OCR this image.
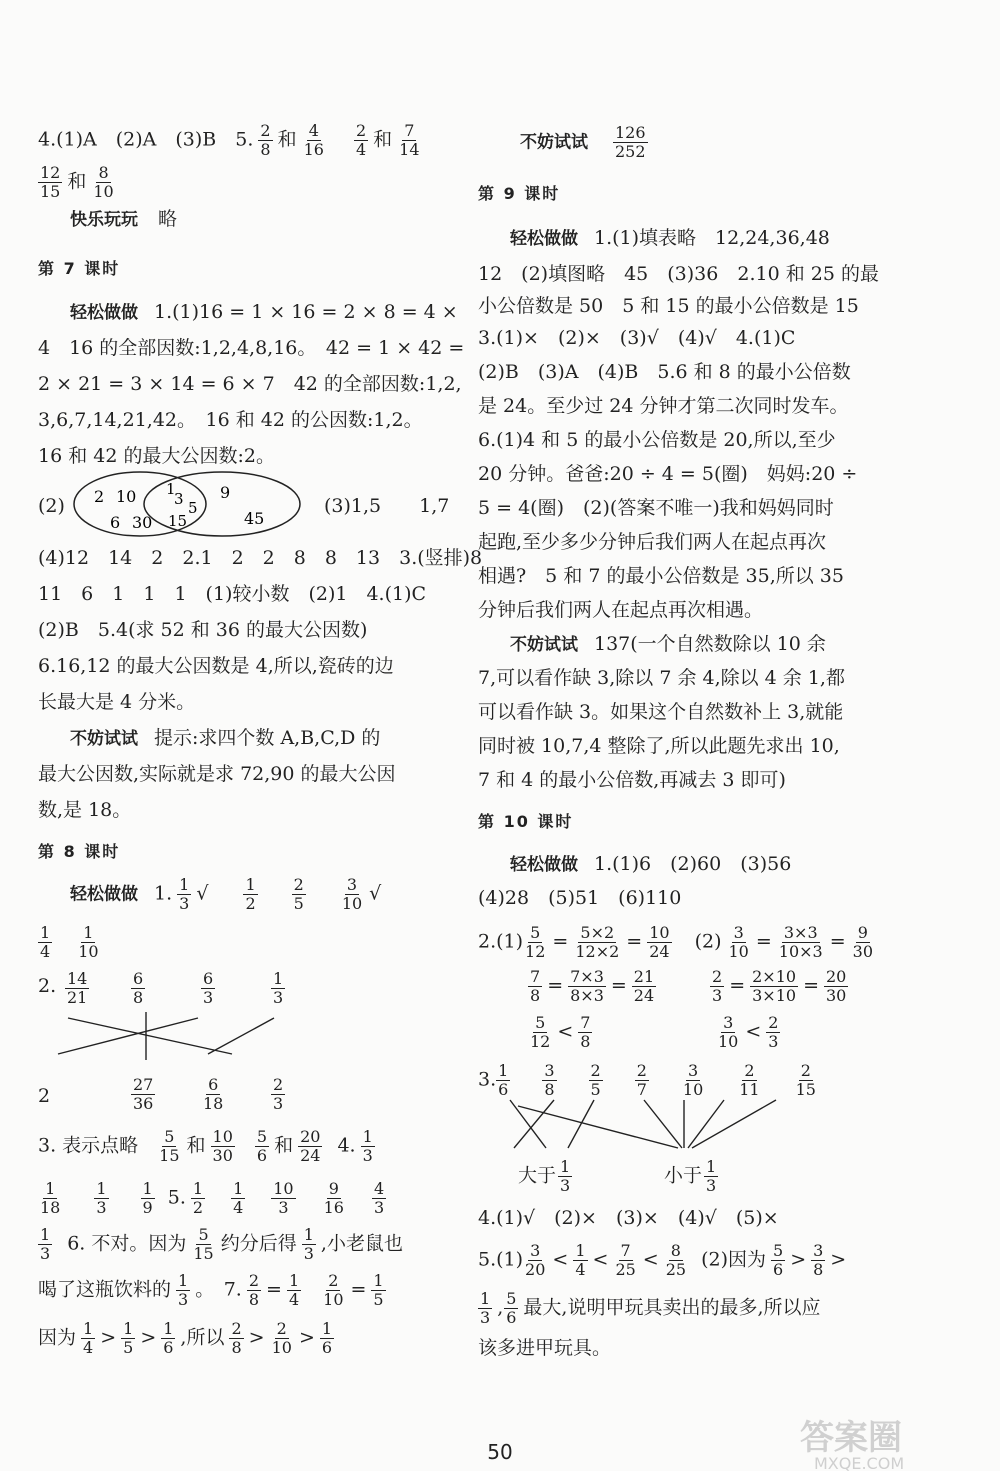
4.(1)A　(2)A　(3)B　5. $\frac{2}{8}$ 和 $\frac{4}{16} \frac{2}{4}$ 和 $\frac{7}{14}$
$\frac{12}{15}$ 和 $\frac{8}{10}$
快乐玩玩 略
第 7 课时
轻松做做 1.(1)16 = 1 × 16 = 2 × 8 = 4 ×
4　16 的全部因数:1,2,4,8,16。　42 = 1 × 42 =
2 × 21 = 3 × 14 = 6 × 7　42 的全部因数:1,2,
3,6,7,14,21,42。　16 和 42 的公因数:1,2。
16 和 42 的最大公因数:2。
(2) 2 10
6 30
1
3 5
15
9
45
(3)1,5　　1,7
(4)12　14　2　2.1　2　2　8　8　13　3.(竖排)8
11　6　1　1　1　(1)较小数　(2)1　4.(1)C
(2)B　5.4(求 52 和 36 的最大公因数)
6.16,12 的最大公因数是 4,所以,瓷砖的边
长最大是 4 分米。
不妨试试 提示:求四个数 A,B,C,D 的
最大公因数,实际就是求 72,90 的最大公因
数,是 18。
第 8 课时
轻松做做 1. $\frac{1}{3}$ √ $\frac{1}{2} \frac{2}{5} \frac{3}{10}$ √
$\frac{1}{4} \frac{1}{10}$
2. $\frac{14}{21}$	$\frac{6}{8}$	$\frac{6}{3}$	$\frac{1}{3}$
2	$\frac{27}{36}$	$\frac{6}{18}$	$\frac{2}{3}$
3. 表示点略 $\frac{5}{15}$ 和 $\frac{10}{30} \frac{5}{6}$ 和 $\frac{20}{24} 4$. $\frac{1}{3}$
$\frac{1}{18} \frac{1}{3} \frac{1}{9} 5$. $\frac{1}{2} \frac{1}{4} \frac{10}{3} \frac{9}{16} \frac{4}{3}$
$\frac{1}{3} 6$. 不对。因为 $\frac{5}{15}$ 约分后得 $\frac{1}{3}$ ,小老鼠也
喝了这瓶饮料的 $\frac{1}{3}$ 。　7. $\frac{2}{8} = \frac{1}{4} \frac{2}{10} = \frac{1}{5}$
因为 $\frac{1}{4} > \frac{1}{5} > \frac{1}{6}$ ,所以 $\frac{2}{8} > \frac{2}{10} > \frac{1}{6}$
不妨试试 $\frac{126}{252}$
第 9 课时
轻松做做 1.(1)填表略　12,24,36,48
12　(2)填图略　45　(3)36　2.10 和 25 的最
小公倍数是 50　5 和 15 的最小公倍数是 15
3.(1)×　(2)×　(3)√　(4)√　4.(1)C
(2)B　(3)A　(4)B　5.6 和 8 的最小公倍数
是 24。至少过 24 分钟才第二次同时发车。
6.(1)4 和 5 的最小公倍数是 20,所以,至少
20 分钟。爸爸:20 ÷ 4 = 5(圈)　妈妈:20 ÷
5 = 4(圈)　(2)(答案不唯一)我和妈妈同时
起跑,至少多少分钟后我们两人在起点再次
相遇?　5 和 7 的最小公倍数是 35,所以 35
分钟后我们两人在起点再次相遇。
不妨试试 137(一个自然数除以 10 余
7,可以看作缺 3,除以 7 余 4,除以 4 余 1,都
可以看作缺 3。如果这个自然数补上 3,就能
同时被 10,7,4 整除了,所以此题先求出 10,
7 和 4 的最小公倍数,再减去 3 即可)
第 10 课时
轻松做做 1.(1)6　(2)60　(3)56
(4)28　(5)51　(6)110
$2.(1) \frac{5}{12} = \frac{5\times 2}{12\times 2} = \frac{10}{24} (2) \frac{3}{10} = \frac{3\times 3}{10\times 3} = \frac{9}{30}$
$\frac{7}{8} = \frac{7\times 3}{8\times 3} = \frac{21}{24}$	$\frac{2}{3} = \frac{2\times 10}{3\times 10} = \frac{20}{30}$
$\frac{5}{12} < \frac{7}{8}$	$\frac{3}{10} < \frac{2}{3}$
3. $\frac{1}{6} \frac{3}{8} \frac{2}{5} \frac{2}{7} \frac{3}{10} \frac{2}{11} \frac{2}{15}$
大于 $\frac{1}{3}$	小于 $\frac{1}{3}$
4.(1)√　(2)×　(3)×　(4)√　(5)×
$5.(1) \frac{3}{20} < \frac{1}{4} < \frac{7}{25} < \frac{8}{25} (2)$因为 $\frac{5}{6} > \frac{3}{8}$ >
$\frac{1}{3}$ , $\frac{5}{6}$ 最大,说明甲玩具卖出的最多,所以应
该多进甲玩具。
50	答案圈
MXQE.COM
